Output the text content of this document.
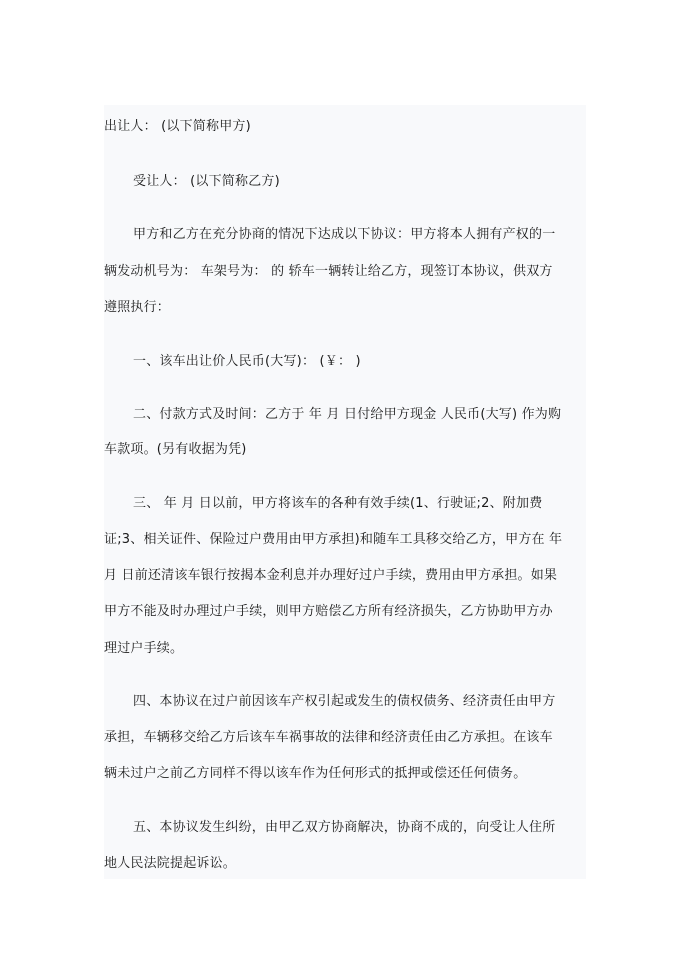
出让人： (以下简称甲方)
受让人： (以下简称乙方)
甲方和乙方在充分协商的情况下达成以下协议：甲方将本人拥有产权的一
辆发动机号为： 车架号为： 的 轿车一辆转让给乙方，现签订本协议，供双方
遵照执行：
一、该车出让价人民币(大写)： (￥： )
二、付款方式及时间：乙方于 年 月 日付给甲方现金 人民币(大写) 作为购
车款项。(另有收据为凭)
三、 年 月 日以前，甲方将该车的各种有效手续(1、行驶证;2、附加费
证;3、相关证件、保险过户费用由甲方承担)和随车工具移交给乙方，甲方在 年
月 日前还清该车银行按揭本金利息并办理好过户手续，费用由甲方承担。如果
甲方不能及时办理过户手续，则甲方赔偿乙方所有经济损失，乙方协助甲方办
理过户手续。
四、本协议在过户前因该车产权引起或发生的债权债务、经济责任由甲方
承担，车辆移交给乙方后该车车祸事故的法律和经济责任由乙方承担。在该车
辆未过户之前乙方同样不得以该车作为任何形式的抵押或偿还任何债务。
五、本协议发生纠纷，由甲乙双方协商解决，协商不成的，向受让人住所
地人民法院提起诉讼。
